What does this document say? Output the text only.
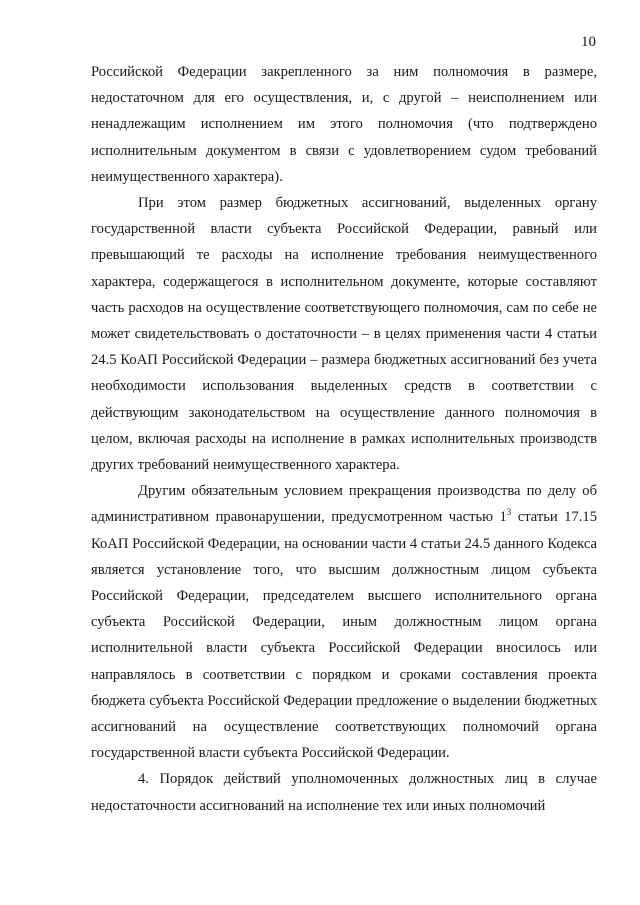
10

Российской Федерации закрепленного за ним полномочия в размере, недостаточном для его осуществления, и, с другой – неисполнением или ненадлежащим исполнением им этого полномочия (что подтверждено исполнительным документом в связи с удовлетворением судом требований неимущественного характера).

При этом размер бюджетных ассигнований, выделенных органу государственной власти субъекта Российской Федерации, равный или превышающий те расходы на исполнение требования неимущественного характера, содержащегося в исполнительном документе, которые составляют часть расходов на осуществление соответствующего полномочия, сам по себе не может свидетельствовать о достаточности – в целях применения части 4 статьи 24.5 КоАП Российской Федерации – размера бюджетных ассигнований без учета необходимости использования выделенных средств в соответствии с действующим законодательством на осуществление данного полномочия в целом, включая расходы на исполнение в рамках исполнительных производств других требований неимущественного характера.

Другим обязательным условием прекращения производства по делу об административном правонарушении, предусмотренном частью $1^3$ статьи 17.15 КоАП Российской Федерации, на основании части 4 статьи 24.5 данного Кодекса является установление того, что высшим должностным лицом субъекта Российской Федерации, председателем высшего исполнительного органа субъекта Российской Федерации, иным должностным лицом органа исполнительной власти субъекта Российской Федерации вносилось или направлялось в соответствии с порядком и сроками составления проекта бюджета субъекта Российской Федерации предложение о выделении бюджетных ассигнований на осуществление соответствующих полномочий органа государственной власти субъекта Российской Федерации.

4. Порядок действий уполномоченных должностных лиц в случае недостаточности ассигнований на исполнение тех или иных полномочий
